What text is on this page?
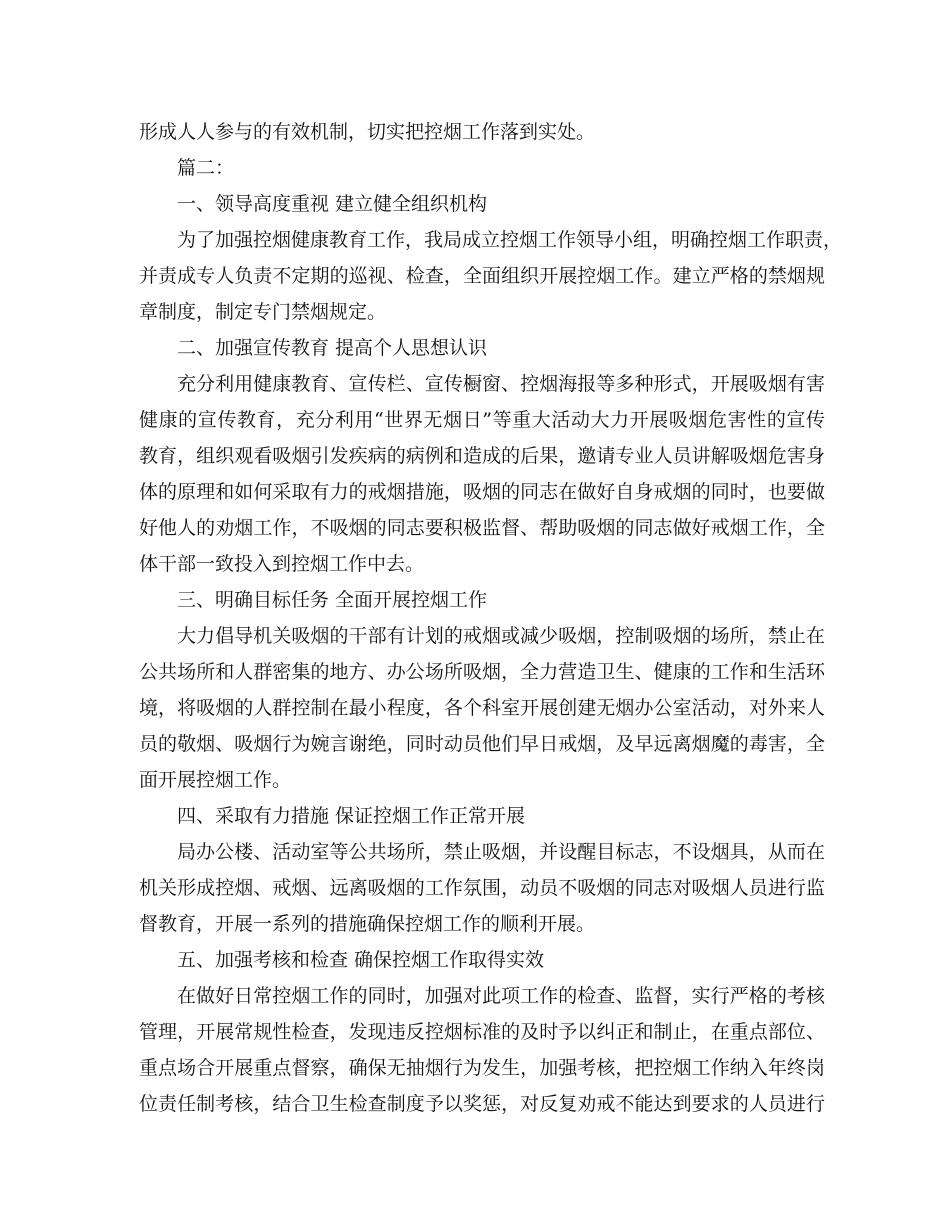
形成人人参与的有效机制，切实把控烟工作落到实处。
篇二：
一、领导高度重视 建立健全组织机构
为了加强控烟健康教育工作，我局成立控烟工作领导小组，明确控烟工作职责，
并责成专人负责不定期的巡视、检查，全面组织开展控烟工作。建立严格的禁烟规
章制度，制定专门禁烟规定。
二、加强宣传教育 提高个人思想认识
充分利用健康教育、宣传栏、宣传橱窗、控烟海报等多种形式，开展吸烟有害
健康的宣传教育，充分利用“世界无烟日”等重大活动大力开展吸烟危害性的宣传
教育，组织观看吸烟引发疾病的病例和造成的后果，邀请专业人员讲解吸烟危害身
体的原理和如何采取有力的戒烟措施，吸烟的同志在做好自身戒烟的同时，也要做
好他人的劝烟工作，不吸烟的同志要积极监督、帮助吸烟的同志做好戒烟工作，全
体干部一致投入到控烟工作中去。
三、明确目标任务 全面开展控烟工作
大力倡导机关吸烟的干部有计划的戒烟或减少吸烟，控制吸烟的场所，禁止在
公共场所和人群密集的地方、办公场所吸烟，全力营造卫生、健康的工作和生活环
境，将吸烟的人群控制在最小程度，各个科室开展创建无烟办公室活动，对外来人
员的敬烟、吸烟行为婉言谢绝，同时动员他们早日戒烟，及早远离烟魔的毒害，全
面开展控烟工作。
四、采取有力措施 保证控烟工作正常开展
局办公楼、活动室等公共场所，禁止吸烟，并设醒目标志，不设烟具，从而在
机关形成控烟、戒烟、远离吸烟的工作氛围，动员不吸烟的同志对吸烟人员进行监
督教育，开展一系列的措施确保控烟工作的顺利开展。
五、加强考核和检查 确保控烟工作取得实效
在做好日常控烟工作的同时，加强对此项工作的检查、监督，实行严格的考核
管理，开展常规性检查，发现违反控烟标准的及时予以纠正和制止，在重点部位、
重点场合开展重点督察，确保无抽烟行为发生，加强考核，把控烟工作纳入年终岗
位责任制考核，结合卫生检查制度予以奖惩，对反复劝戒不能达到要求的人员进行
